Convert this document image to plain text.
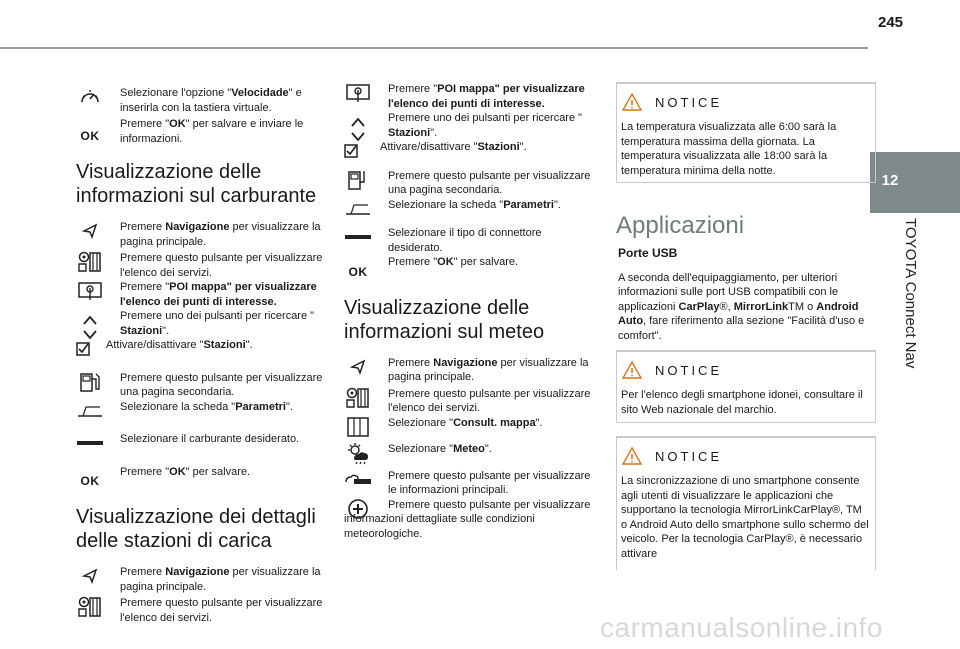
245
12
TOYOTA Connect Nav
Selezionare l'opzione "Velocidade" e inserirla con la tastiera virtuale.
OK
Premere "OK" per salvare e inviare le informazioni.
Visualizzazione delle informazioni sul carburante
Premere Navigazione per visualizzare la pagina principale.
Premere questo pulsante per visualizzare l'elenco dei servizi.
Premere "POI mappa" per visualizzare l'elenco dei punti di interesse.
Premere uno dei pulsanti per ricercare "
Stazioni".
Attivare/disattivare "Stazioni".
Premere questo pulsante per visualizzare una pagina secondaria.
Selezionare la scheda "Parametri".
Selezionare il carburante desiderato.
OK
Premere "OK" per salvare.
Visualizzazione dei dettagli delle stazioni di carica
Premere Navigazione per visualizzare la pagina principale.
Premere questo pulsante per visualizzare l'elenco dei servizi.
Premere "POI mappa" per visualizzare l'elenco dei punti di interesse.
Premere uno dei pulsanti per ricercare "
Stazioni".
Attivare/disattivare "Stazioni".
Premere questo pulsante per visualizzare una pagina secondaria.
Selezionare la scheda "Parametri".
Selezionare il tipo di connettore desiderato.
OK
Premere "OK" per salvare.
Visualizzazione delle informazioni sul meteo
Premere Navigazione per visualizzare la pagina principale.
Premere questo pulsante per visualizzare l'elenco dei servizi.
Selezionare "Consult. mappa".
Selezionare "Meteo".
Premere questo pulsante per visualizzare le informazioni principali.
Premere questo pulsante per visualizzare informazioni dettagliate sulle condizioni meteorologiche.
NOTICE
La temperatura visualizzata alle 6:00 sarà la temperatura massima della giornata. La temperatura visualizzata alle 18:00 sarà la temperatura minima della notte.
Applicazioni
Porte USB
A seconda dell'equipaggiamento, per ulteriori informazioni sulle port USB compatibili con le applicazioni CarPlay®, MirrorLinkTM o Android Auto, fare riferimento alla sezione "Facilità d'uso e comfort".
NOTICE
Per l'elenco degli smartphone idonei, consultare il sito Web nazionale del marchio.
NOTICE
La sincronizzazione di uno smartphone consente agli utenti di visualizzare le applicazioni che supportano la tecnologia MirrorLinkCarPlay®, TM o Android Auto dello smartphone sullo schermo del veicolo. Per la tecnologia CarPlay®, è necessario attivare
carmanualsonline.info
